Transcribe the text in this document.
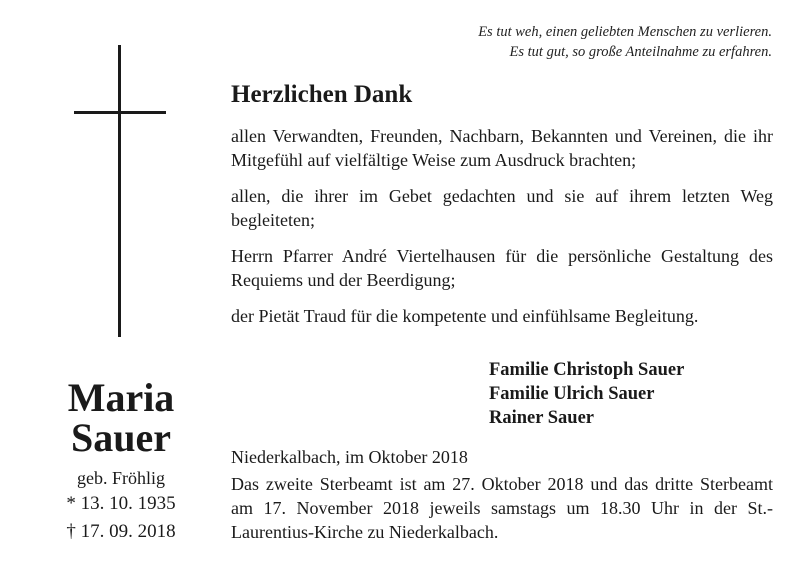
Es tut weh, einen geliebten Menschen zu verlieren.
Es tut gut, so große Anteilnahme zu erfahren.
Maria
Sauer
geb. Fröhlig
* 13. 10. 1935
† 17. 09. 2018
Herzlichen Dank

allen Verwandten, Freunden, Nachbarn, Bekannten und Vereinen, die ihr Mitgefühl auf vielfältige Weise zum Ausdruck brachten;

allen, die ihrer im Gebet gedachten und sie auf ihrem letzten Weg begleiteten;

Herrn Pfarrer André Viertelhausen für die persönliche Gestaltung des Requiems und der Beerdigung;

der Pietät Traud für die kompetente und einfühlsame Begleitung.

Familie Christoph Sauer
Familie Ulrich Sauer
Rainer Sauer
Niederkalbach, im Oktober 2018
Das zweite Sterbeamt ist am 27. Oktober 2018 und das dritte Sterbeamt am 17. November 2018 jeweils samstags um 18.30 Uhr in der St.-Laurentius-Kirche zu Niederkalbach.
